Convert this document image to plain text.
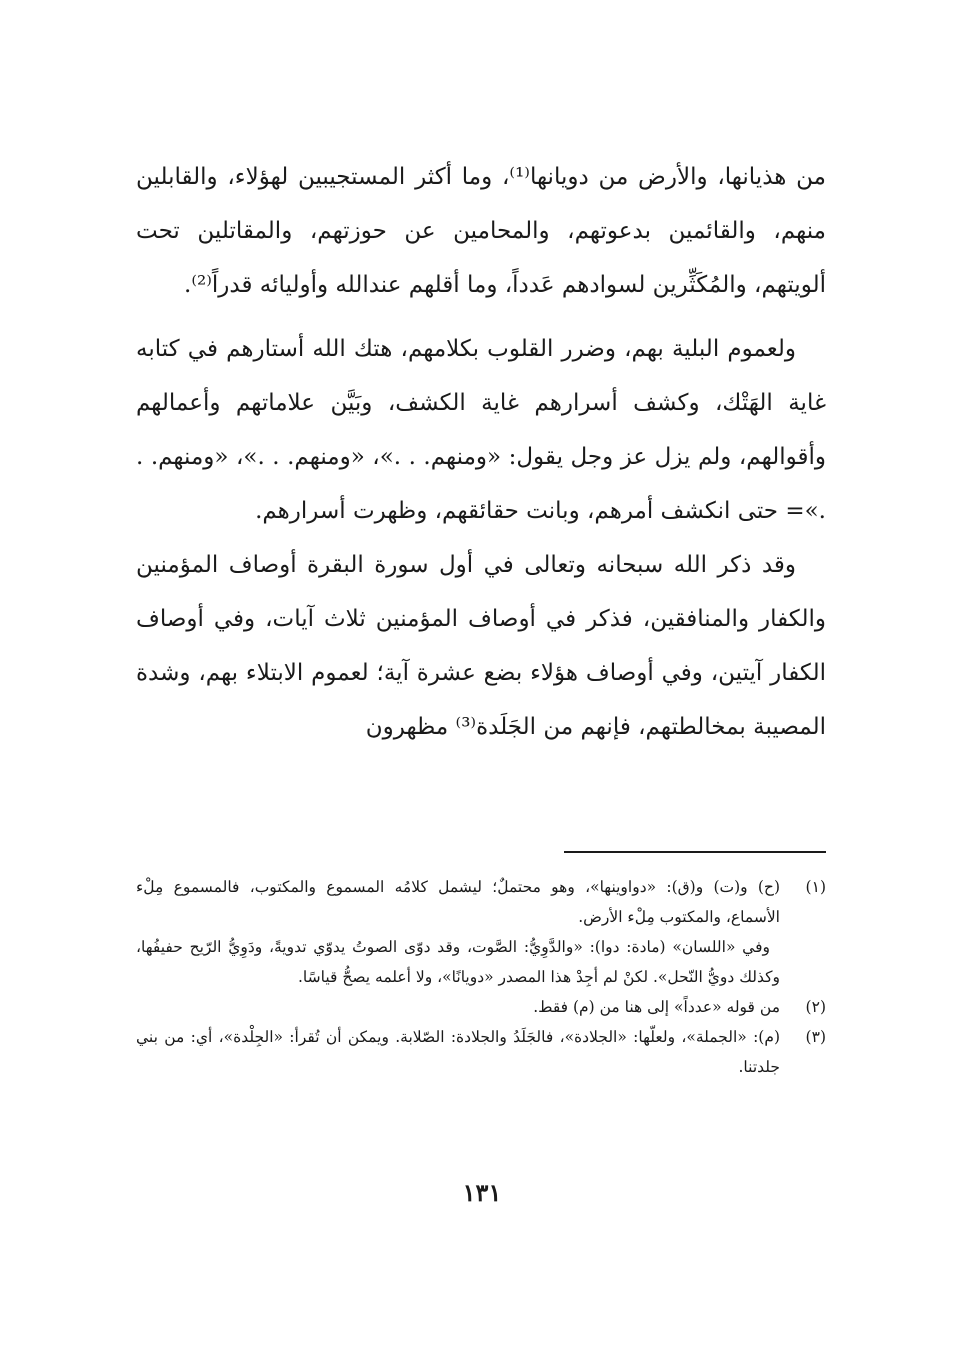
من هذيانها، والأرض من دويانها⁽¹⁾، وما أكثر المستجيبين لهؤلاء، والقابلين منهم، والقائمين بدعوتهم، والمحامين عن حوزتهم، والمقاتلين تحت ألويتهم، والمُكَثِّرين لسوادهم عَدداً، وما أقلهم عندالله وأوليائه قدراً⁽²⁾.

ولعموم البلية بهم، وضرر القلوب بكلامهم، هتك الله أستارهم في كتابه غاية الهَتْك، وكشف أسرارهم غاية الكشف، وبَيَّن علاماتهم وأعمالهم وأقوالهم، ولم يزل عز وجل يقول: «ومنهم. . .»، «ومنهم. . .»، «ومنهم. . .»= حتى انكشف أمرهم، وبانت حقائقهم، وظهرت أسرارهم.

وقد ذكر الله سبحانه وتعالى في أول سورة البقرة أوصاف المؤمنين والكفار والمنافقين، فذكر في أوصاف المؤمنين ثلاث آيات، وفي أوصاف الكفار آيتين، وفي أوصاف هؤلاء بضع عشرة آية؛ لعموم الابتلاء بهم، وشدة المصيبة بمخالطتهم، فإنهم من الجَلَدة⁽³⁾ مظهرون

(١)

(ح) و(ت) و(ق): «دواوينها»، وهو محتملٌ؛ ليشمل كلامُه المسموع والمكتوب، فالمسموع مِلْء الأسماع، والمكتوب مِلْء الأرض.

وفي «اللسان» (مادة: دوا): «والدَّوِيُّ: الصَّوت، وقد دوّى الصوتُ يدوّي تدويةً، ودَوِيُّ الرّيح حفيفُها، وكذلك دويُّ النّحل». لكنْ لم أجِدْ هذا المصدر «دويانًا»، ولا أعلمه يصحُّ قياسًا.

(٢)

من قوله «عدداً» إلى هنا من (م) فقط.

(٣)

(م): «الجملة»، ولعلّها: «الجلادة»، فالجَلَدُ والجلادة: الصّلابة. ويمكن أن تُقرأ: «الجِلْدة»، أي: من بني جلدتنا.

١٣١
